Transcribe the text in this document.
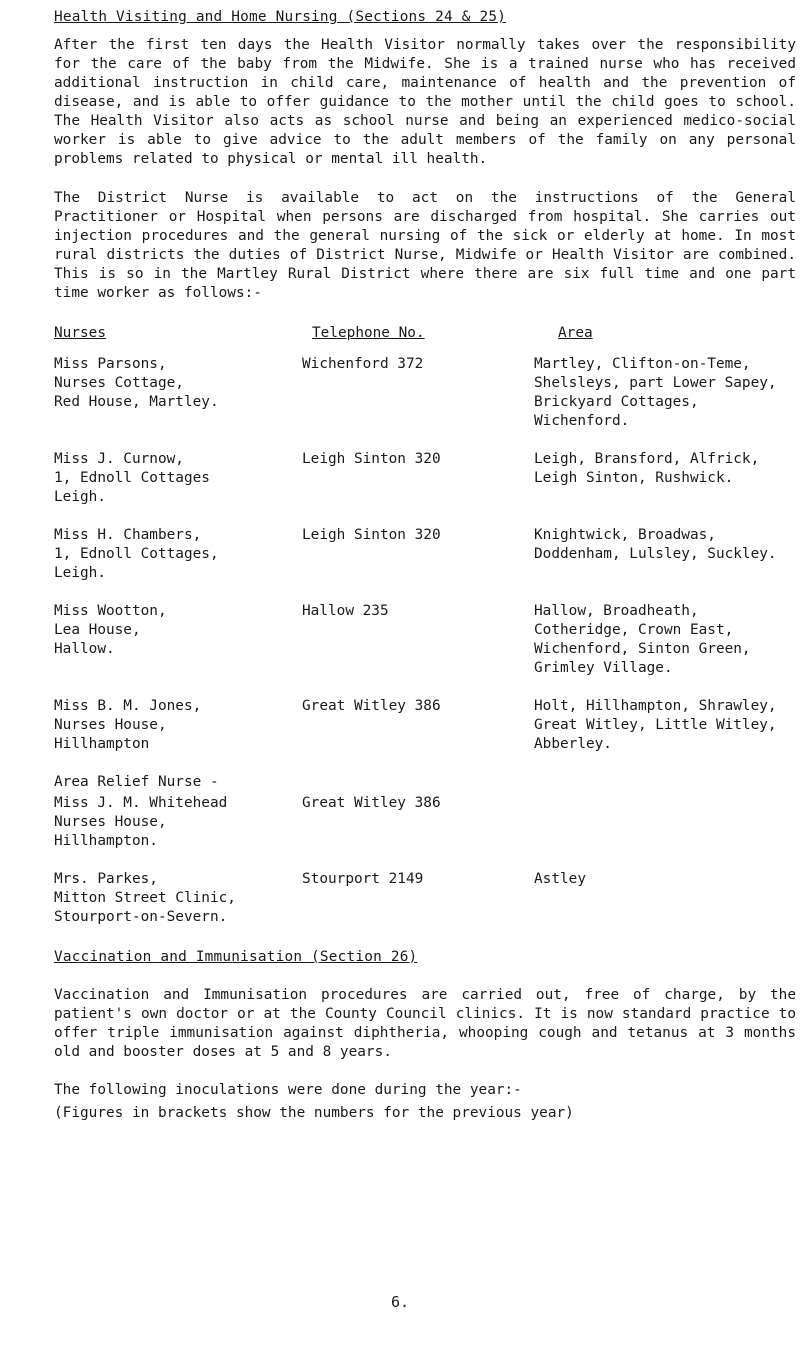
Health Visiting and Home Nursing (Sections 24 & 25)

After the first ten days the Health Visitor normally takes over the responsibility for the care of the baby from the Midwife. She is a trained nurse who has received additional instruction in child care, maintenance of health and the prevention of disease, and is able to offer guidance to the mother until the child goes to school. The Health Visitor also acts as school nurse and being an experienced medico-social worker is able to give advice to the adult members of the family on any personal problems related to physical or mental ill health.

The District Nurse is available to act on the instructions of the General Practitioner or Hospital when persons are discharged from hospital. She carries out injection procedures and the general nursing of the sick or elderly at home. In most rural districts the duties of District Nurse, Midwife or Health Visitor are combined. This is so in the Martley Rural District where there are six full time and one part time worker as follows:-

Nurses	Telephone No.	Area
Miss Parsons,
Nurses Cottage,
Red House, Martley.
Wichenford 372	Martley, Clifton-on-Teme,
Shelsleys, part Lower Sapey,
Brickyard Cottages, Wichenford.
Miss J. Curnow,
1, Ednoll Cottages
Leigh.
Leigh Sinton 320	Leigh, Bransford, Alfrick,
Leigh Sinton, Rushwick.
Miss H. Chambers,
1, Ednoll Cottages,
Leigh.
Leigh Sinton 320	Knightwick, Broadwas,
Doddenham, Lulsley, Suckley.
Miss Wootton,
Lea House,
Hallow.
Hallow 235	Hallow, Broadheath,
Cotheridge, Crown East,
Wichenford, Sinton Green,
Grimley Village.
Miss B. M. Jones,
Nurses House,
Hillhampton
Great Witley 386	Holt, Hillhampton, Shrawley,
Great Witley, Little Witley,
Abberley.
Area Relief Nurse -
Miss J. M. Whitehead
Nurses House,
Hillhampton.
Great Witley 386
Mrs. Parkes,
Mitton Street Clinic,
Stourport-on-Severn.
Stourport 2149	Astley
Vaccination and Immunisation (Section 26)

Vaccination and Immunisation procedures are carried out, free of charge, by the patient's own doctor or at the County Council clinics. It is now standard practice to offer triple immunisation against diphtheria, whooping cough and tetanus at 3 months old and booster doses at 5 and 8 years.

The following inoculations were done during the year:-

(Figures in brackets show the numbers for the previous year)

6.
